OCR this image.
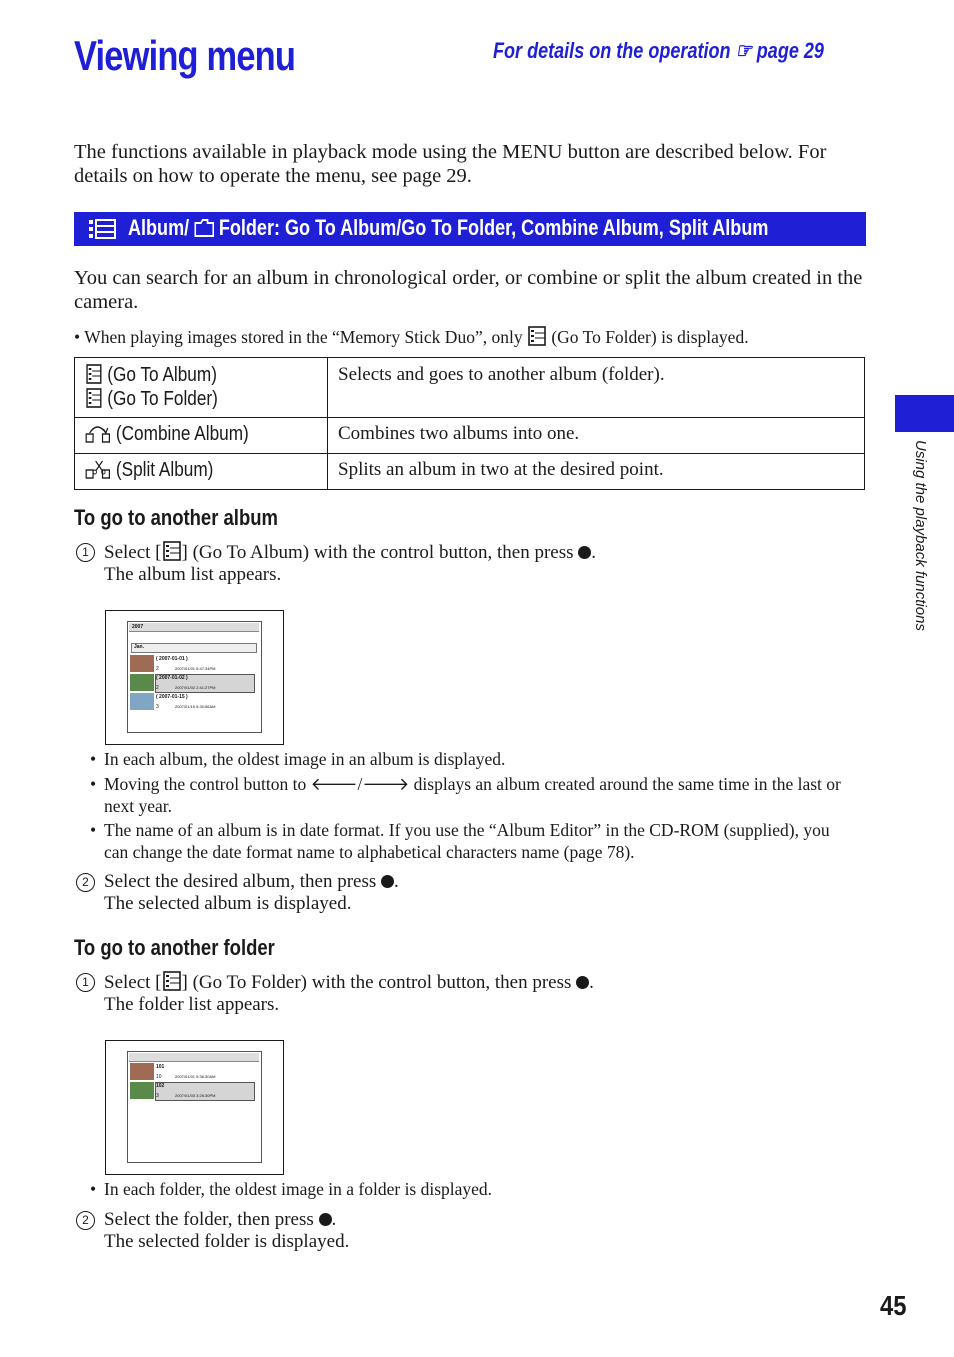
Viewing menu	For details on the operation ☞ page 29
The functions available in playback mode using the MENU button are described below. For details on how to operate the menu, see page 29.
Album/ Folder: Go To Album/Go To Folder, Combine Album, Split Album
You can search for an album in chronological order, or combine or split the album created in the camera.
• When playing images stored in the “Memory Stick Duo”, only (Go To Folder) is displayed.
(Go To Album)
(Go To Folder)	Selects and goes to another album (folder).

(Combine Album)	Combines two albums into one.

(Split Album)	Splits an album in two at the desired point.
To go to another album
1 Select [ ] (Go To Album) with the control button, then press .
The album list appears.
2007
Jan.
( 2007-01-01 )
2	2007/01/01 5:47:34PM
( 2007-01-02 )
2	2007/01/02 2:41:27PM
( 2007-01-15 )
3	2007/01/15 5:30:56AM
• In each album, the oldest image in an album is displayed.
• Moving the control button to 🡐/🡒 displays an album created around the same time in the last or next year.
• The name of an album is in date format. If you use the “Album Editor” in the CD-ROM (supplied), you can change the date format name to alphabetical characters name (page 78).
2 Select the desired album, then press .
The selected album is displayed.
To go to another folder
1 Select [ ] (Go To Folder) with the control button, then press .
The folder list appears.
101
10	2007/01/01 5:36:30AM
102
3	2007/01/03 3:26:30PM
• In each folder, the oldest image in a folder is displayed.
2 Select the folder, then press .
The selected folder is displayed.
Using the playback functions
45
